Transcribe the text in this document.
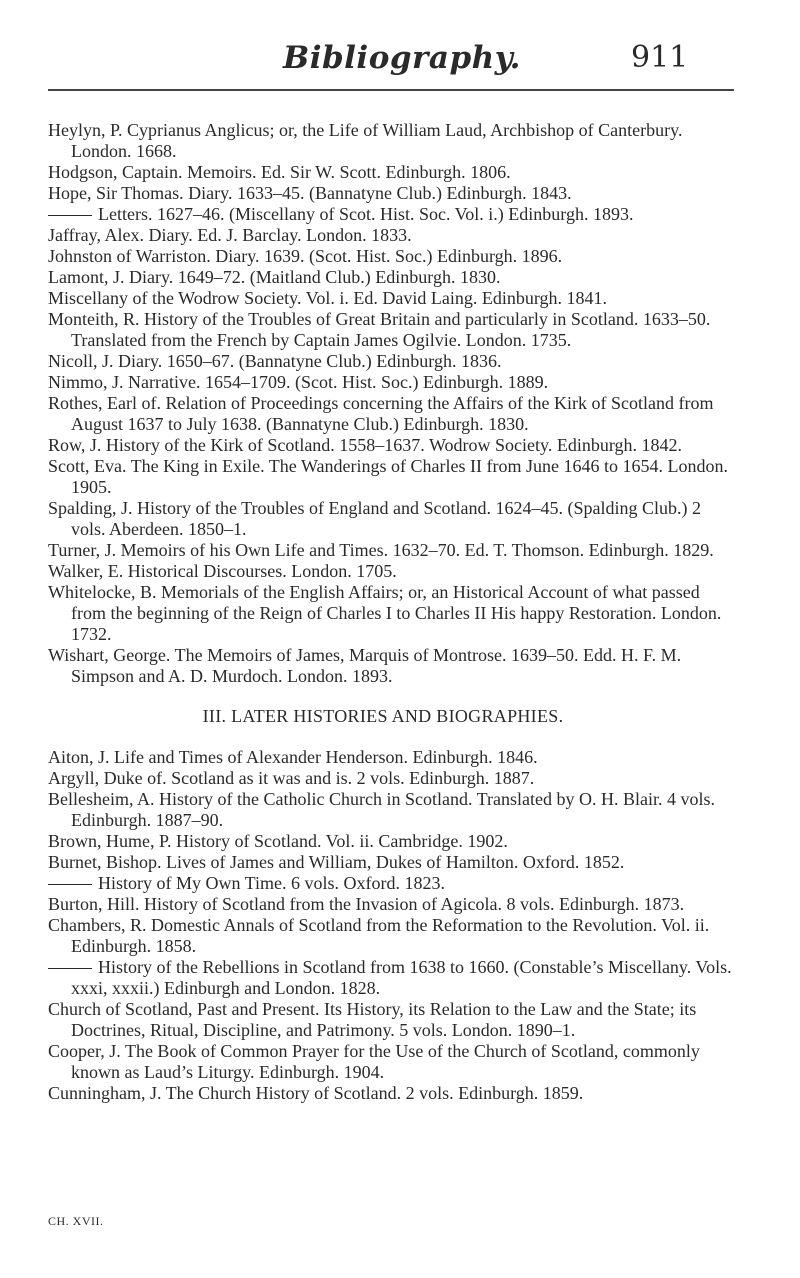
Bibliography.	911

Heylyn, P. Cyprianus Anglicus; or, the Life of William Laud, Archbishop of Canterbury. London. 1668.

Hodgson, Captain. Memoirs. Ed. Sir W. Scott. Edinburgh. 1806.

Hope, Sir Thomas. Diary. 1633–45. (Bannatyne Club.) Edinburgh. 1843.

Letters. 1627–46. (Miscellany of Scot. Hist. Soc. Vol. i.) Edinburgh. 1893.

Jaffray, Alex. Diary. Ed. J. Barclay. London. 1833.

Johnston of Warriston. Diary. 1639. (Scot. Hist. Soc.) Edinburgh. 1896.

Lamont, J. Diary. 1649–72. (Maitland Club.) Edinburgh. 1830.

Miscellany of the Wodrow Society. Vol. i. Ed. David Laing. Edinburgh. 1841.

Monteith, R. History of the Troubles of Great Britain and particularly in Scotland. 1633–50. Translated from the French by Captain James Ogilvie. London. 1735.

Nicoll, J. Diary. 1650–67. (Bannatyne Club.) Edinburgh. 1836.

Nimmo, J. Narrative. 1654–1709. (Scot. Hist. Soc.) Edinburgh. 1889.

Rothes, Earl of. Relation of Proceedings concerning the Affairs of the Kirk of Scotland from August 1637 to July 1638. (Bannatyne Club.) Edinburgh. 1830.

Row, J. History of the Kirk of Scotland. 1558–1637. Wodrow Society. Edinburgh. 1842.

Scott, Eva. The King in Exile. The Wanderings of Charles II from June 1646 to 1654. London. 1905.

Spalding, J. History of the Troubles of England and Scotland. 1624–45. (Spalding Club.) 2 vols. Aberdeen. 1850–1.

Turner, J. Memoirs of his Own Life and Times. 1632–70. Ed. T. Thomson. Edinburgh. 1829.

Walker, E. Historical Discourses. London. 1705.

Whitelocke, B. Memorials of the English Affairs; or, an Historical Account of what passed from the beginning of the Reign of Charles I to Charles II His happy Restoration. London. 1732.

Wishart, George. The Memoirs of James, Marquis of Montrose. 1639–50. Edd. H. F. M. Simpson and A. D. Murdoch. London. 1893.

III. LATER HISTORIES AND BIOGRAPHIES.

Aiton, J. Life and Times of Alexander Henderson. Edinburgh. 1846.

Argyll, Duke of. Scotland as it was and is. 2 vols. Edinburgh. 1887.

Bellesheim, A. History of the Catholic Church in Scotland. Translated by O. H. Blair. 4 vols. Edinburgh. 1887–90.

Brown, Hume, P. History of Scotland. Vol. ii. Cambridge. 1902.

Burnet, Bishop. Lives of James and William, Dukes of Hamilton. Oxford. 1852.

History of My Own Time. 6 vols. Oxford. 1823.

Burton, Hill. History of Scotland from the Invasion of Agicola. 8 vols. Edinburgh. 1873.

Chambers, R. Domestic Annals of Scotland from the Reformation to the Revolution. Vol. ii. Edinburgh. 1858.

History of the Rebellions in Scotland from 1638 to 1660. (Constable’s Miscellany. Vols. xxxi, xxxii.) Edinburgh and London. 1828.

Church of Scotland, Past and Present. Its History, its Relation to the Law and the State; its Doctrines, Ritual, Discipline, and Patrimony. 5 vols. London. 1890–1.

Cooper, J. The Book of Common Prayer for the Use of the Church of Scotland, commonly known as Laud’s Liturgy. Edinburgh. 1904.

Cunningham, J. The Church History of Scotland. 2 vols. Edinburgh. 1859.

CH. XVII.
